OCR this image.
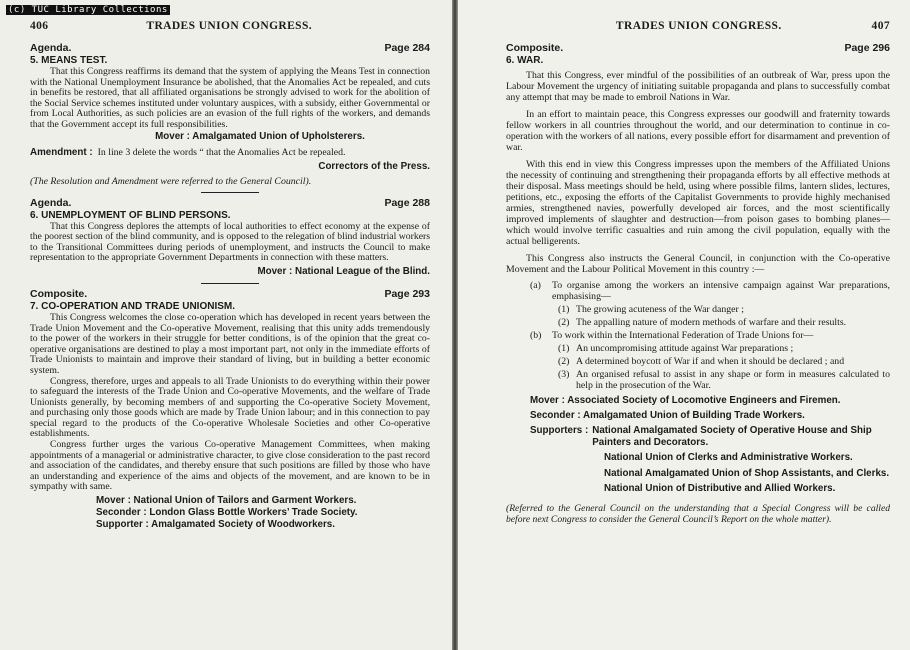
406	TRADES UNION CONGRESS.
Agenda.	Page 284
5. MEANS TEST.

That this Congress reaffirms its demand that the system of applying the Means Test in connection with the National Unemployment Insurance be abolished, that the Anomalies Act be repealed, and cuts in benefits be restored, that all affiliated organisations be strongly advised to work for the abolition of the Social Service schemes instituted under voluntary auspices, with a subsidy, either Governmental or from Local Authorities, as such policies are an evasion of the full rights of the workers, and demands that the Government accept its full responsibilities.

Mover : Amalgamated Union of Upholsterers.
Amendment : In line 3 delete the words “ that the Anomalies Act be repealed.
Correctors of the Press.
(The Resolution and Amendment were referred to the General Council).
Agenda.	Page 288
6. UNEMPLOYMENT OF BLIND PERSONS.

That this Congress deplores the attempts of local authorities to effect economy at the expense of the poorest section of the blind community, and is opposed to the relegation of blind industrial workers to the Transitional Committees during periods of unemployment, and instructs the Council to make representation to the appropriate Government Departments in connection with these matters.

Mover : National League of the Blind.
Composite.	Page 293
7. CO-OPERATION AND TRADE UNIONISM.

This Congress welcomes the close co-operation which has developed in recent years between the Trade Union Movement and the Co-operative Movement, realising that this unity adds tremendously to the power of the workers in their struggle for better conditions, is of the opinion that the great co-operative organisations are destined to play a most important part, not only in the immediate efforts of Trade Unionists to maintain and improve their standard of living, but in building a better economic system.

Congress, therefore, urges and appeals to all Trade Unionists to do everything within their power to safeguard the interests of the Trade Union and Co-operative Movements, and the welfare of Trade Unionists generally, by becoming members of and supporting the Co-operative Society Movement, and purchasing only those goods which are made by Trade Union labour; and in this connection to pay special regard to the products of the Co-operative Wholesale Societies and other Co-operative establishments.

Congress further urges the various Co-operative Management Committees, when making appointments of a managerial or administrative character, to give close consideration to the past record and association of the candidates, and thereby ensure that such positions are filled by those who have an understanding and experience of the aims and objects of the movement, and are known to be in sympathy with same.

Mover : National Union of Tailors and Garment Workers.
Seconder : London Glass Bottle Workers’ Trade Society.
Supporter : Amalgamated Society of Woodworkers.
TRADES UNION CONGRESS.	407
Composite.	Page 296
6. WAR.

That this Congress, ever mindful of the possibilities of an outbreak of War, press upon the Labour Movement the urgency of initiating suitable propaganda and plans to successfully combat any attempt that may be made to embroil Nations in War.

In an effort to maintain peace, this Congress expresses our goodwill and fraternity towards fellow workers in all countries throughout the world, and our determination to continue in co-operation with the workers of all nations, every possible effort for disarmament and prevention of war.

With this end in view this Congress impresses upon the members of the Affiliated Unions the necessity of continuing and strengthening their propaganda efforts by all effective methods at their disposal. Mass meetings should be held, using where possible films, lantern slides, lectures, petitions, etc., exposing the efforts of the Capitalist Governments to provide highly mechanised armies, strengthened navies, powerfully developed air forces, and the most scientifically improved implements of slaughter and destruction—from poison gases to bombing planes—which would involve terrific casualties and ruin among the civil population, equally with the actual belligerents.

This Congress also instructs the General Council, in conjunction with the Co-operative Movement and the Labour Political Movement in this country :—

(a)	To organise among the workers an intensive campaign against War preparations, emphasising—
(1) The growing acuteness of the War danger ;
(2) The appalling nature of modern methods of warfare and their results.
(b)	To work within the International Federation of Trade Unions for—
(1) An uncompromising attitude against War preparations ;
(2) A determined boycott of War if and when it should be declared ; and
(3) An organised refusal to assist in any shape or form in measures calculated to help in the prosecution of the War.
Mover : Associated Society of Locomotive Engineers and Firemen.
Seconder : Amalgamated Union of Building Trade Workers.
Supporters : National Amalgamated Society of Operative House and Ship Painters and Decorators.
National Union of Clerks and Administrative Workers.
National Amalgamated Union of Shop Assistants, and Clerks.
National Union of Distributive and Allied Workers.
(Referred to the General Council on the understanding that a Special Congress will be called before next Congress to consider the General Council’s Report on the whole matter).
(c) TUC Library Collections
